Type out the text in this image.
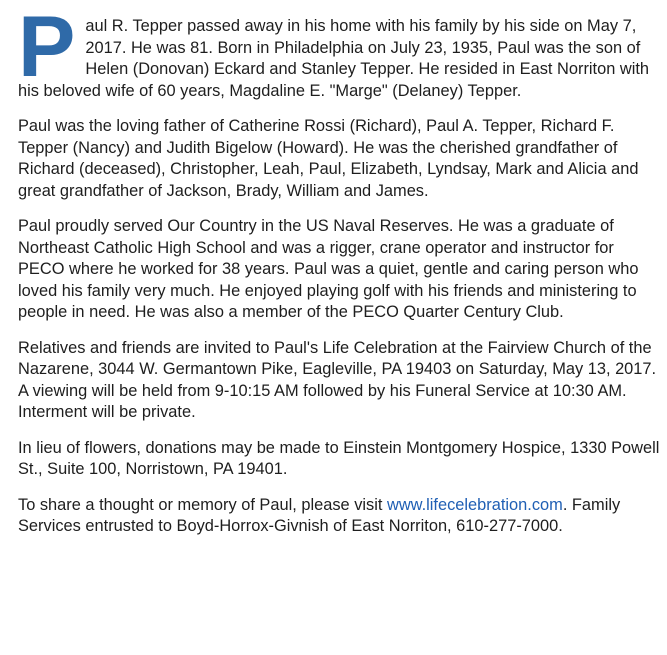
Paul R. Tepper passed away in his home with his family by his side on May 7, 2017. He was 81. Born in Philadelphia on July 23, 1935, Paul was the son of Helen (Donovan) Eckard and Stanley Tepper. He resided in East Norriton with his beloved wife of 60 years, Magdaline E. "Marge" (Delaney) Tepper.

Paul was the loving father of Catherine Rossi (Richard), Paul A. Tepper, Richard F. Tepper (Nancy) and Judith Bigelow (Howard). He was the cherished grandfather of Richard (deceased), Christopher, Leah, Paul, Elizabeth, Lyndsay, Mark and Alicia and great grandfather of Jackson, Brady, William and James.

Paul proudly served Our Country in the US Naval Reserves. He was a graduate of Northeast Catholic High School and was a rigger, crane operator and instructor for PECO where he worked for 38 years. Paul was a quiet, gentle and caring person who loved his family very much. He enjoyed playing golf with his friends and ministering to people in need. He was also a member of the PECO Quarter Century Club.

Relatives and friends are invited to Paul's Life Celebration at the Fairview Church of the Nazarene, 3044 W. Germantown Pike, Eagleville, PA 19403 on Saturday, May 13, 2017. A viewing will be held from 9-10:15 AM followed by his Funeral Service at 10:30 AM. Interment will be private.

In lieu of flowers, donations may be made to Einstein Montgomery Hospice, 1330 Powell St., Suite 100, Norristown, PA 19401.

To share a thought or memory of Paul, please visit www.lifecelebration.com. Family Services entrusted to Boyd-Horrox-Givnish of East Norriton, 610-277-7000.
